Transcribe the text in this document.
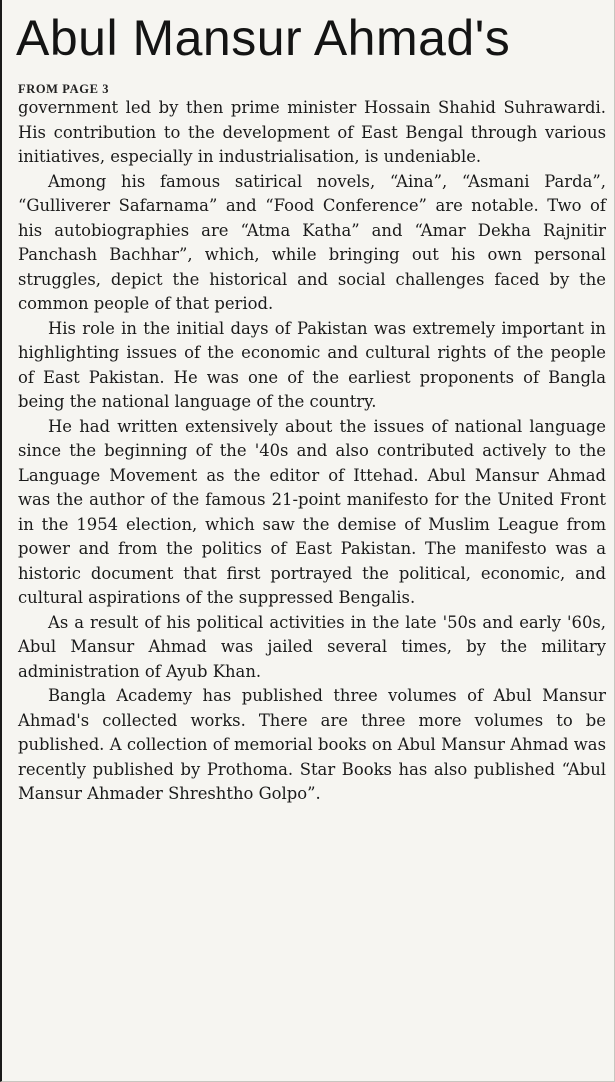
Abul Mansur Ahmad's
FROM PAGE 3

government led by then prime minister Hossain Shahid Suhrawardi. His contribution to the development of East Bengal through various initiatives, especially in industrialisation, is undeniable.

Among his famous satirical novels, “Aina”, “Asmani Parda”, “Gulliverer Safarnama” and “Food Conference” are notable. Two of his autobiographies are “Atma Katha” and “Amar Dekha Rajnitir Panchash Bachhar”, which, while bringing out his own personal struggles, depict the historical and social challenges faced by the common people of that period.

His role in the initial days of Pakistan was extremely important in highlighting issues of the economic and cultural rights of the people of East Pakistan. He was one of the earliest proponents of Bangla being the national language of the country.

He had written extensively about the issues of national language since the beginning of the '40s and also contributed actively to the Language Movement as the editor of Ittehad. Abul Mansur Ahmad was the author of the famous 21-point manifesto for the United Front in the 1954 election, which saw the demise of Muslim League from power and from the politics of East Pakistan. The manifesto was a historic document that first portrayed the political, economic, and cultural aspirations of the suppressed Bengalis.

As a result of his political activities in the late '50s and early '60s, Abul Mansur Ahmad was jailed several times, by the military administration of Ayub Khan.

Bangla Academy has published three volumes of Abul Mansur Ahmad's collected works. There are three more volumes to be published. A collection of memorial books on Abul Mansur Ahmad was recently published by Prothoma. Star Books has also published “Abul Mansur Ahmader Shreshtho Golpo”.
